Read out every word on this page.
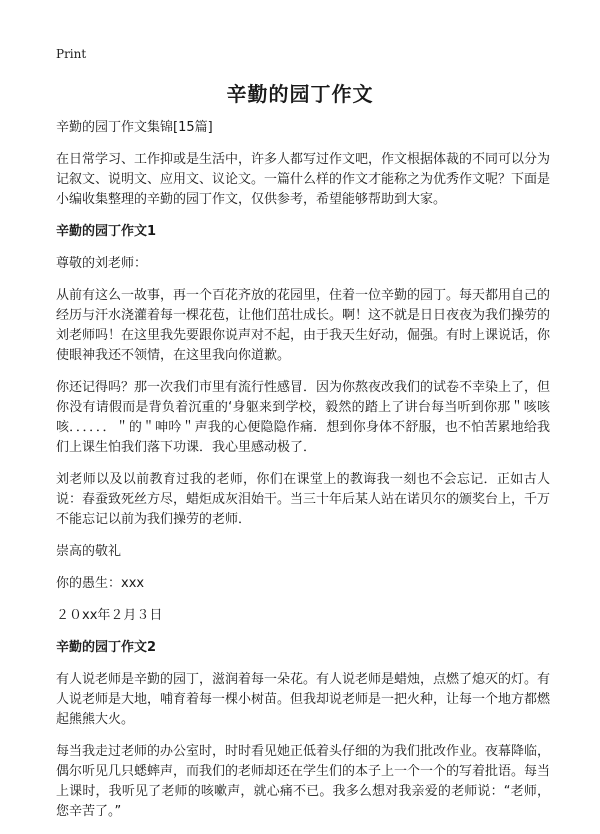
Print
辛勤的园丁作文

辛勤的园丁作文集锦[15篇]

在日常学习、工作抑或是生活中，许多人都写过作文吧，作文根据体裁的不同可以分为记叙文、说明文、应用文、议论文。一篇什么样的作文才能称之为优秀作文呢？下面是小编收集整理的辛勤的园丁作文，仅供参考，希望能够帮助到大家。

辛勤的园丁作文1

尊敬的刘老师：

从前有这么一故事，再一个百花齐放的花园里，住着一位辛勤的园丁。每天都用自己的经历与汗水浇灌着每一棵花苞，让他们茁壮成长。啊！这不就是日日夜夜为我们操劳的刘老师吗！在这里我先要跟你说声对不起，由于我天生好动，倔强。有时上课说话，你使眼神我还不领情，在这里我向你道歉。

你还记得吗？那一次我们市里有流行性感冒．因为你熬夜改我们的试卷不幸染上了，但你没有请假而是背负着沉重的‘身躯来到学校，毅然的踏上了讲台每当听到你那＂咳咳咳．．．．．．＂的＂呻吟＂声我的心便隐隐作痛．想到你身体不舒服，也不怕苦累地给我们上课生怕我们落下功课．我心里感动极了．

刘老师以及以前教育过我的老师，你们在课堂上的教诲我一刻也不会忘记．正如古人说：春蚕致死丝方尽，蜡炬成灰泪始干。当三十年后某人站在诺贝尔的颁奖台上，千万不能忘记以前为我们操劳的老师．

崇高的敬礼

你的愚生：xxx

２０xx年２月３日

辛勤的园丁作文2

有人说老师是辛勤的园丁，滋润着每一朵花。有人说老师是蜡烛，点燃了熄灭的灯。有人说老师是大地，哺育着每一棵小树苗。但我却说老师是一把火种，让每一个地方都燃起熊熊大火。

每当我走过老师的办公室时，时时看见她正低着头仔细的为我们批改作业。夜幕降临，偶尔听见几只蟋蟀声，而我们的老师却还在学生们的本子上一个一个的写着批语。每当上课时，我听见了老师的咳嗽声，就心痛不已。我多么想对我亲爱的老师说：“老师，您辛苦了。”
